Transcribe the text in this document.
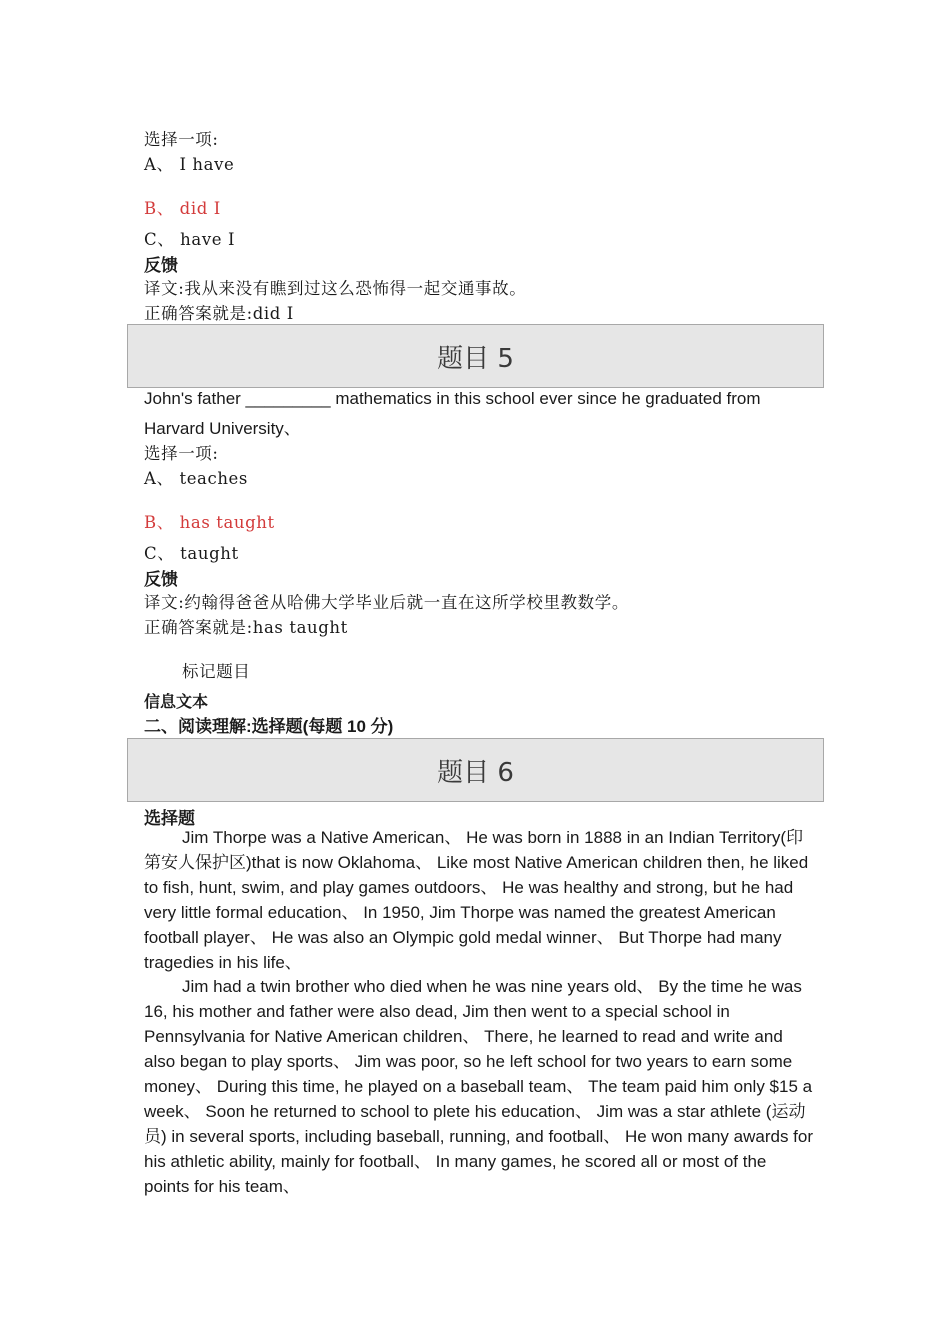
选择一项:
A、 I have
B、 did I
C、 have I
反馈
译文:我从来没有瞧到过这么恐怖得一起交通事故。
正确答案就是:did I
题目 5
John's father _________ mathematics in this school ever since he graduated from
Harvard University、
选择一项:
A、 teaches
B、 has taught
C、 taught
反馈
译文:约翰得爸爸从哈佛大学毕业后就一直在这所学校里教数学。
正确答案就是:has taught
标记题目
信息文本
二、阅读理解:选择题(每题 10 分)
题目 6
选择题

Jim Thorpe was a Native American、 He was born in 1888 in an Indian Territory(印第安人保护区)that is now Oklahoma、 Like most Native American children then, he liked to fish, hunt, swim, and play games outdoors、 He was healthy and strong, but he had very little formal education、 In 1950, Jim Thorpe was named the greatest American football player、 He was also an Olympic gold medal winner、 But Thorpe had many tragedies in his life、

Jim had a twin brother who died when he was nine years old、 By the time he was 16, his mother and father were also dead, Jim then went to a special school in Pennsylvania for Native American children、 There, he learned to read and write and also began to play sports、 Jim was poor, so he left school for two years to earn some money、 During this time, he played on a baseball team、 The team paid him only $15 a week、 Soon he returned to school to plete his education、 Jim was a star athlete (运动员) in several sports, including baseball, running, and football、 He won many awards for his athletic ability, mainly for football、 In many games, he scored all or most of the points for his team、
